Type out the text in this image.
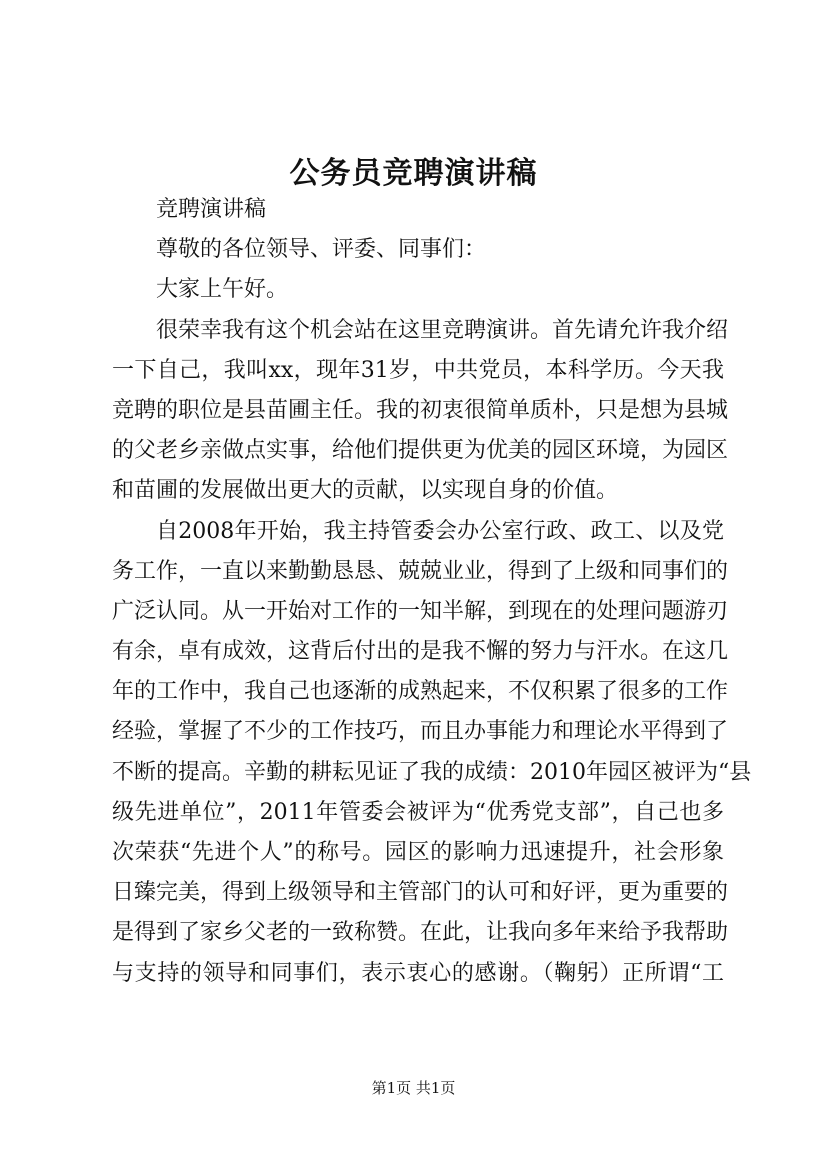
公务员竞聘演讲稿
竞聘演讲稿
尊敬的各位领导、评委、同事们：
大家上午好。
很荣幸我有这个机会站在这里竞聘演讲。首先请允许我介绍
一下自己，我叫xx，现年31岁，中共党员，本科学历。今天我
竞聘的职位是县苗圃主任。我的初衷很简单质朴，只是想为县城
的父老乡亲做点实事，给他们提供更为优美的园区环境，为园区
和苗圃的发展做出更大的贡献，以实现自身的价值。
自2008年开始，我主持管委会办公室行政、政工、以及党
务工作，一直以来勤勤恳恳、兢兢业业，得到了上级和同事们的
广泛认同。从一开始对工作的一知半解，到现在的处理问题游刃
有余，卓有成效，这背后付出的是我不懈的努力与汗水。在这几
年的工作中，我自己也逐渐的成熟起来，不仅积累了很多的工作
经验，掌握了不少的工作技巧，而且办事能力和理论水平得到了
不断的提高。辛勤的耕耘见证了我的成绩：2010年园区被评为“县
级先进单位”，2011年管委会被评为“优秀党支部”，自己也多
次荣获“先进个人”的称号。园区的影响力迅速提升，社会形象
日臻完美，得到上级领导和主管部门的认可和好评，更为重要的
是得到了家乡父老的一致称赞。在此，让我向多年来给予我帮助
与支持的领导和同事们，表示衷心的感谢。（鞠躬）正所谓“工
第1页 共1页
